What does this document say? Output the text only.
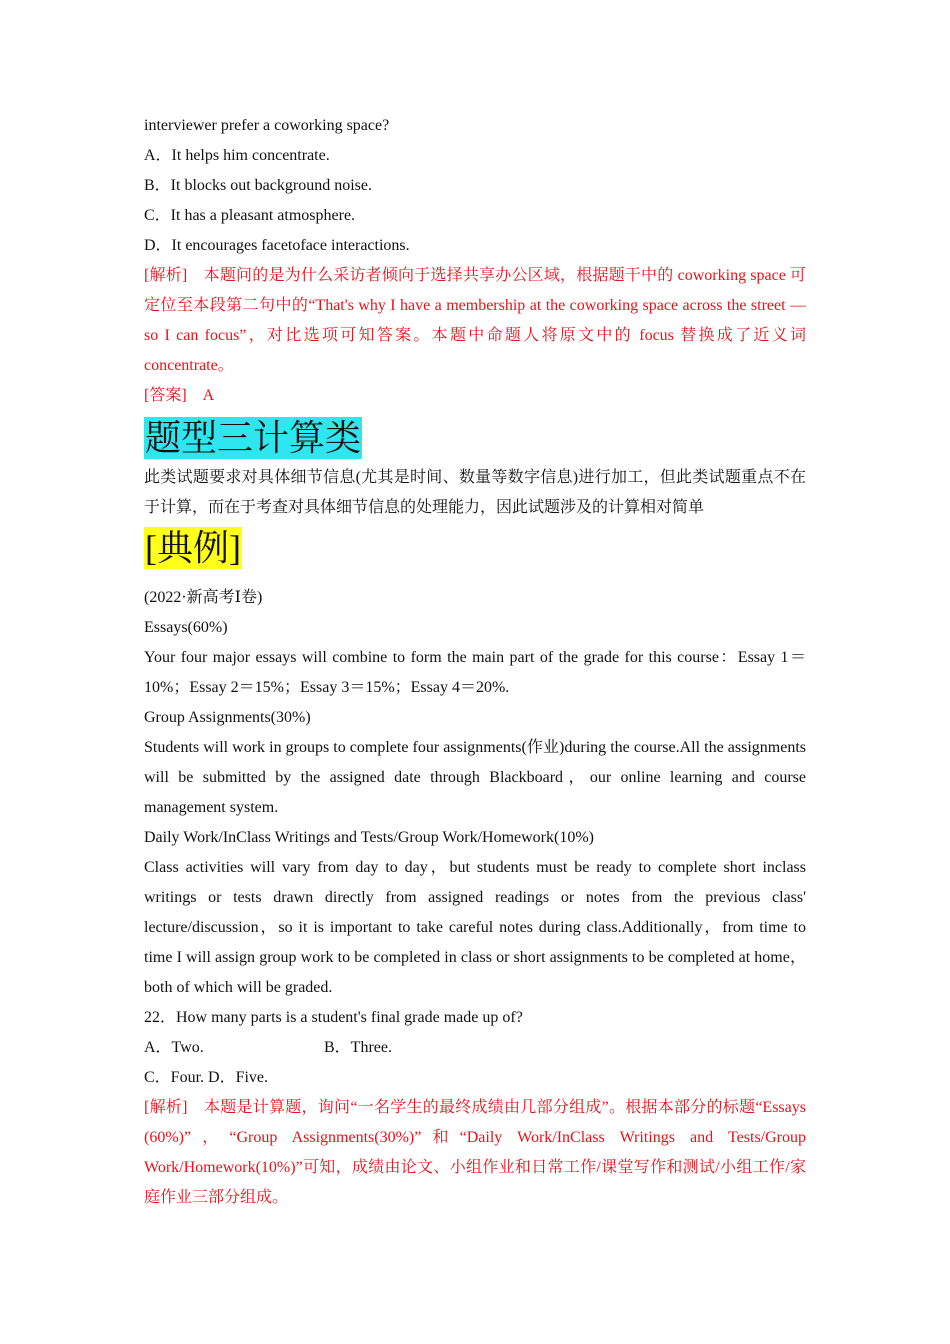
interviewer prefer a coworking space?
A．It helps him concentrate.
B．It blocks out background noise.
C．It has a pleasant atmosphere.
D．It encourages facetoface interactions.
[解析]　本题问的是为什么采访者倾向于选择共享办公区域，根据题干中的 coworking space 可定位至本段第二句中的“That's why I have a membership at the coworking space across the street —so I can focus”，对比选项可知答案。本题中命题人将原文中的 focus 替换成了近义词 concentrate。
[答案]　A
题型三计算类
此类试题要求对具体细节信息(尤其是时间、数量等数字信息)进行加工，但此类试题重点不在于计算，而在于考查对具体细节信息的处理能力，因此试题涉及的计算相对简单
[典例]
(2022·新高考Ⅰ卷)
Essays(60%)
Your four major essays will combine to form the main part of the grade for this course：Essay 1＝10%；Essay 2＝15%；Essay 3＝15%；Essay 4＝20%.
Group Assignments(30%)
Students will work in groups to complete four assignments(作业)during the course.All the assignments will be submitted by the assigned date through Blackboard，our online learning and course management system.
Daily Work/InClass Writings and Tests/Group Work/Homework(10%)
Class activities will vary from day to day，but students must be ready to complete short inclass writings or tests drawn directly from assigned readings or notes from the previous class' lecture/discussion，so it is important to take careful notes during class.Additionally，from time to time I will assign group work to be completed in class or short assignments to be completed at home，both of which will be graded.
22．How many parts is a student's final grade made up of?
A．Two.	B．Three.
C．Four. D．Five.
[解析]　本题是计算题，询问“一名学生的最终成绩由几部分组成”。根据本部分的标题“Essays (60%)”，“Group Assignments(30%)”和“Daily Work/InClass Writings and Tests/Group Work/Homework(10%)”可知，成绩由论文、小组作业和日常工作/课堂写作和测试/小组工作/家庭作业三部分组成。
